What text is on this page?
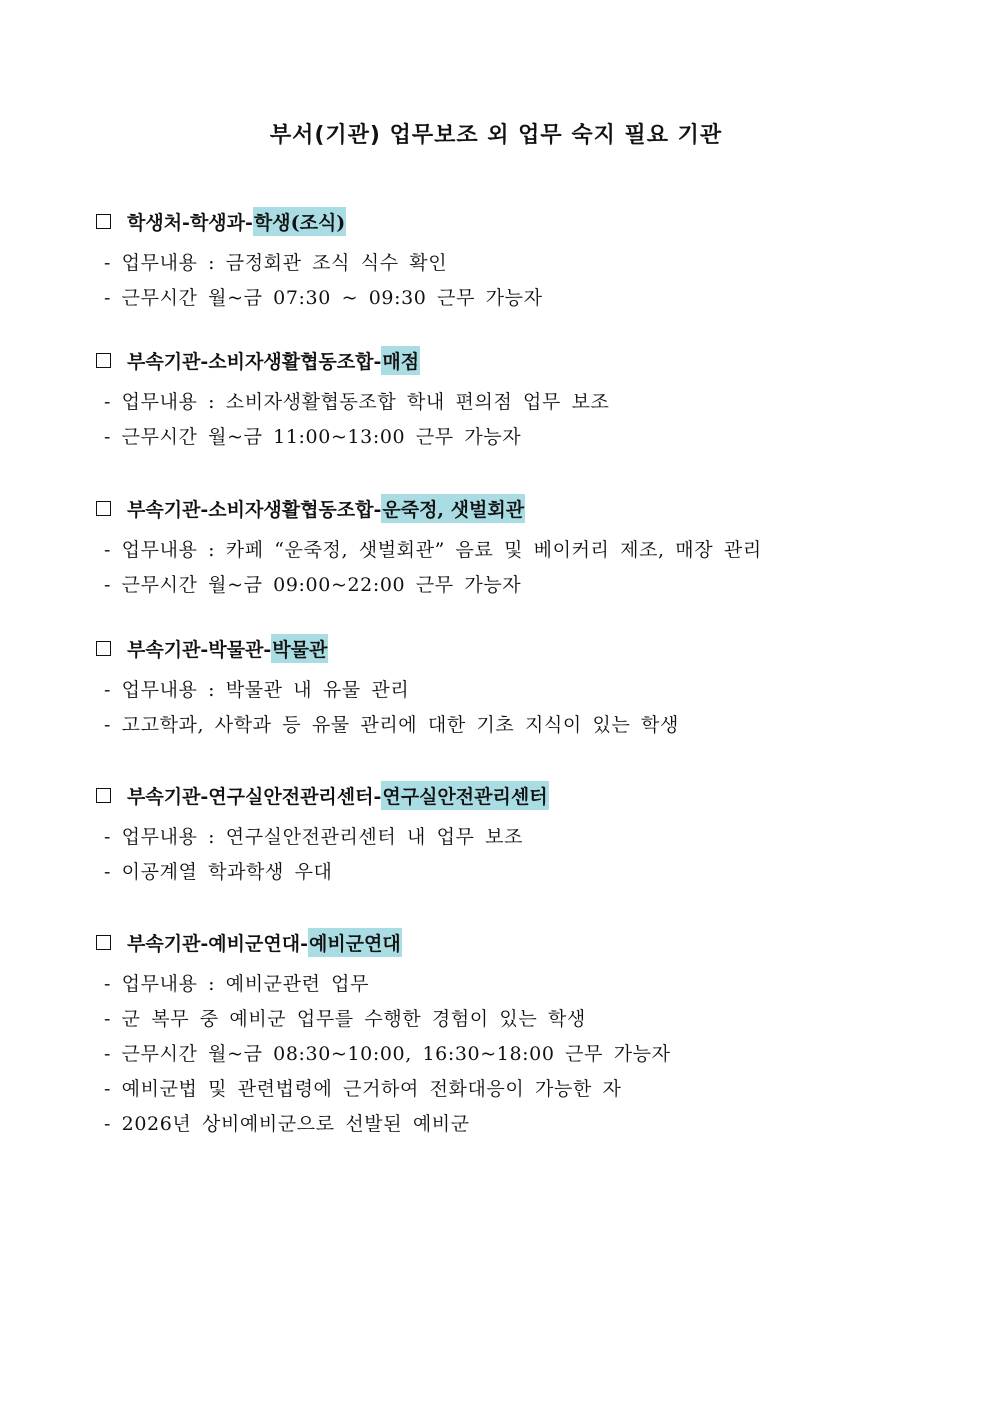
부서(기관) 업무보조 외 업무 숙지 필요 기관
학생처-학생과- 학생(조식)
- 업무내용 : 금정회관 조식 식수 확인
- 근무시간 월~금 07:30 ~ 09:30 근무 가능자
부속기관-소비자생활협동조합- 매점
- 업무내용 : 소비자생활협동조합 학내 편의점 업무 보조
- 근무시간 월~금 11:00~13:00 근무 가능자
부속기관-소비자생활협동조합- 운죽정, 샛벌회관
- 업무내용 : 카페 “운죽정, 샛벌회관” 음료 및 베이커리 제조, 매장 관리
- 근무시간 월~금 09:00~22:00 근무 가능자
부속기관-박물관- 박물관
- 업무내용 : 박물관 내 유물 관리
- 고고학과, 사학과 등 유물 관리에 대한 기초 지식이 있는 학생
부속기관-연구실안전관리센터- 연구실안전관리센터
- 업무내용 : 연구실안전관리센터 내 업무 보조
- 이공계열 학과학생 우대
부속기관-예비군연대- 예비군연대
- 업무내용 : 예비군관련 업무
- 군 복무 중 예비군 업무를 수행한 경험이 있는 학생
- 근무시간 월~금 08:30~10:00, 16:30~18:00 근무 가능자
- 예비군법 및 관련법령에 근거하여 전화대응이 가능한 자
- 2026년 상비예비군으로 선발된 예비군
